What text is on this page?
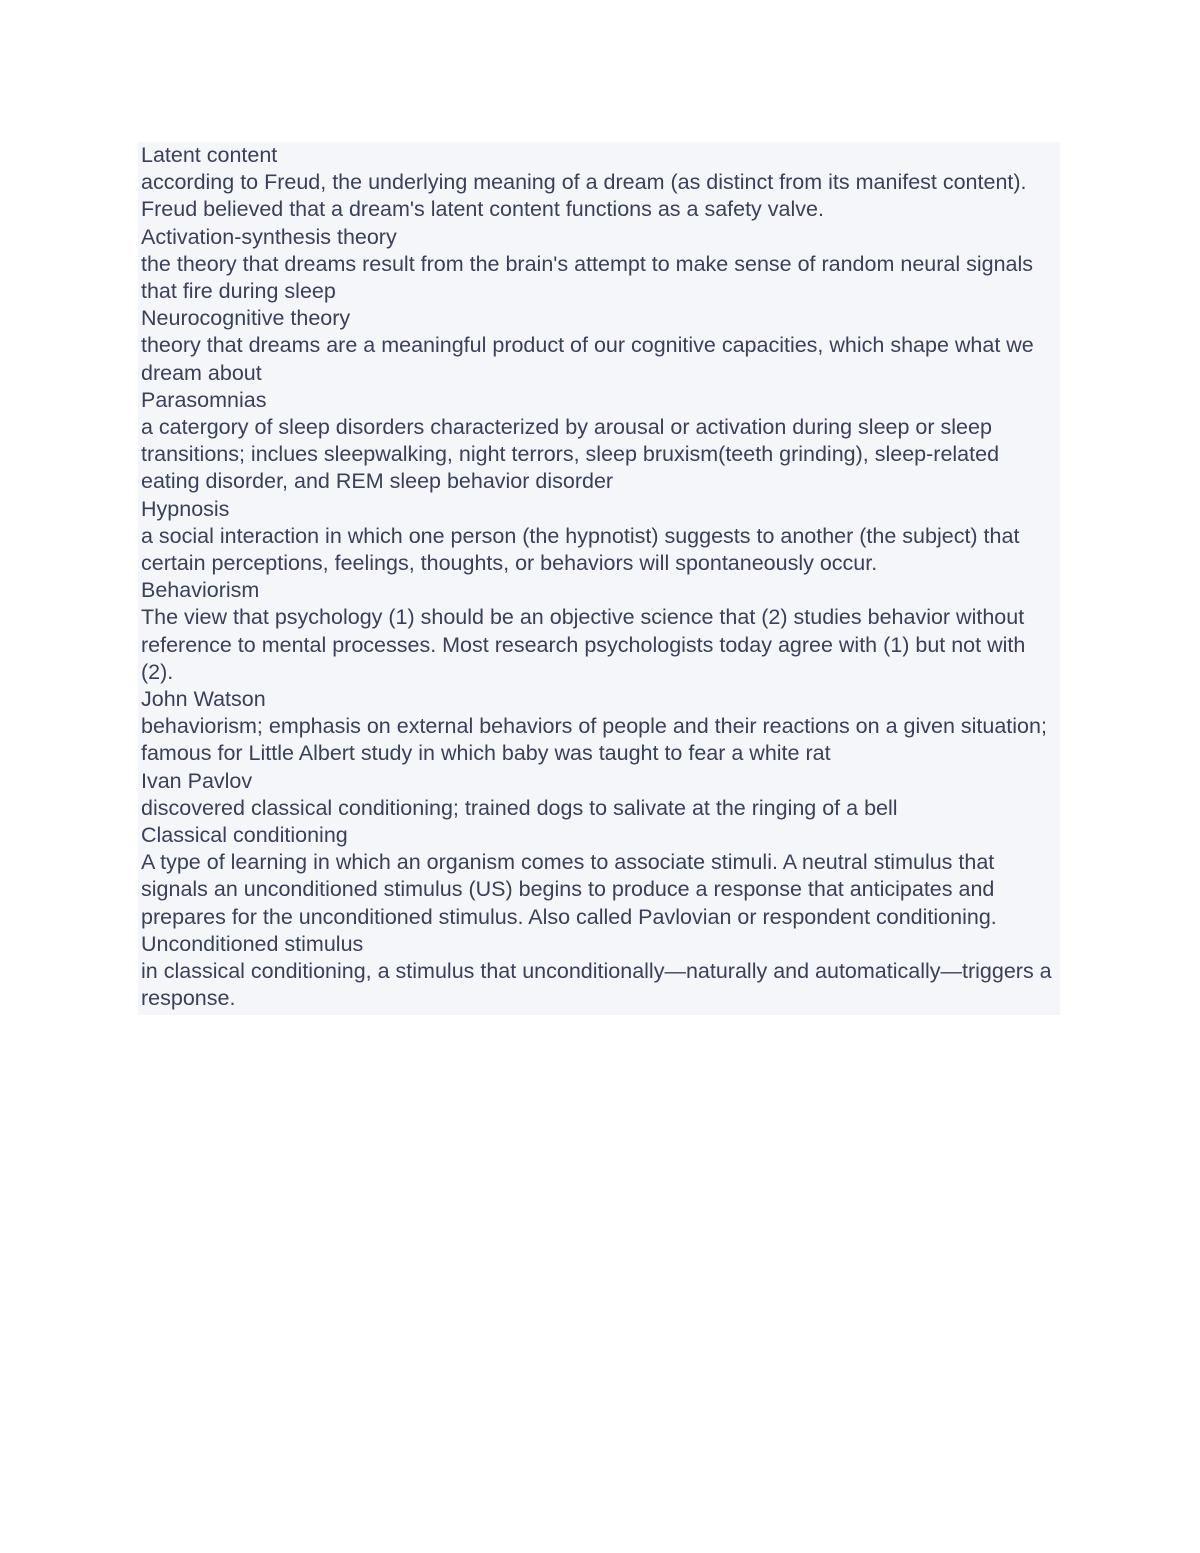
Latent content
according to Freud, the underlying meaning of a dream (as distinct from its manifest content). Freud believed that a dream's latent content functions as a safety valve.
Activation-synthesis theory
the theory that dreams result from the brain's attempt to make sense of random neural signals that fire during sleep
Neurocognitive theory
theory that dreams are a meaningful product of our cognitive capacities, which shape what we dream about
Parasomnias
a catergory of sleep disorders characterized by arousal or activation during sleep or sleep transitions; inclues sleepwalking, night terrors, sleep bruxism(teeth grinding), sleep-related eating disorder, and REM sleep behavior disorder
Hypnosis
a social interaction in which one person (the hypnotist) suggests to another (the subject) that certain perceptions, feelings, thoughts, or behaviors will spontaneously occur.
Behaviorism
The view that psychology (1) should be an objective science that (2) studies behavior without reference to mental processes. Most research psychologists today agree with (1) but not with (2).
John Watson
behaviorism; emphasis on external behaviors of people and their reactions on a given situation; famous for Little Albert study in which baby was taught to fear a white rat
Ivan Pavlov
discovered classical conditioning; trained dogs to salivate at the ringing of a bell
Classical conditioning
A type of learning in which an organism comes to associate stimuli. A neutral stimulus that signals an unconditioned stimulus (US) begins to produce a response that anticipates and prepares for the unconditioned stimulus. Also called Pavlovian or respondent conditioning.
Unconditioned stimulus
in classical conditioning, a stimulus that unconditionally—naturally and automatically—triggers a response.
